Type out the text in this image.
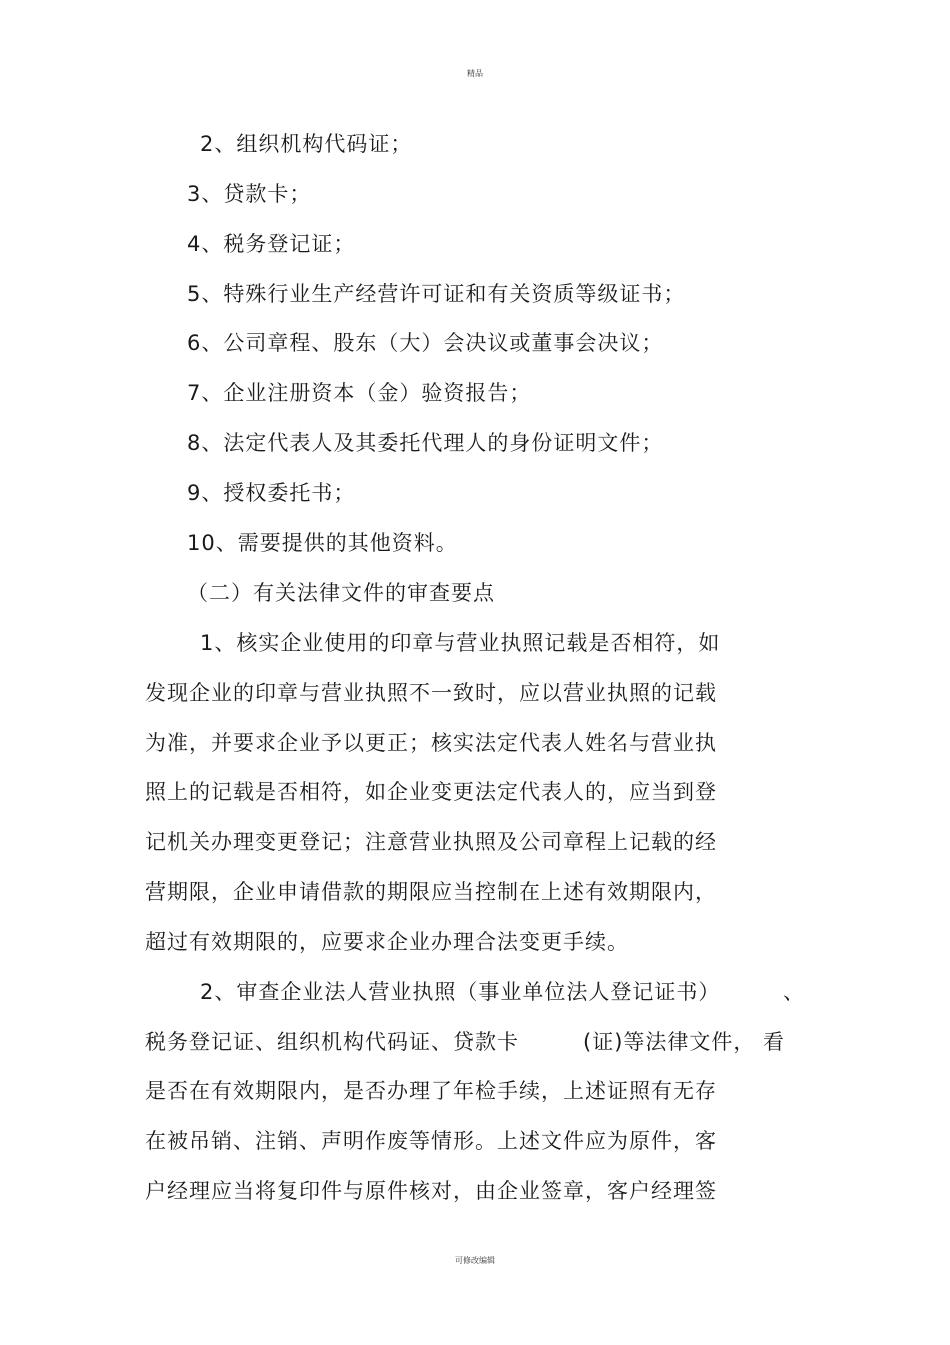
精品
2、组织机构代码证；
3、贷款卡；
4、税务登记证；
5、特殊行业生产经营许可证和有关资质等级证书；
6、公司章程、股东（大）会决议或董事会决议；
7、企业注册资本（金）验资报告；
8、法定代表人及其委托代理人的身份证明文件；
9、授权委托书；
10、需要提供的其他资料。
（二）有关法律文件的审查要点
1、核实企业使用的印章与营业执照记载是否相符，如
发现企业的印章与营业执照不一致时，应以营业执照的记载
为准，并要求企业予以更正；核实法定代表人姓名与营业执
照上的记载是否相符，如企业变更法定代表人的，应当到登
记机关办理变更登记；注意营业执照及公司章程上记载的经
营期限，企业申请借款的期限应当控制在上述有效期限内，
超过有效期限的，应要求企业办理合法变更手续。
2、审查企业法人营业执照（事业单位法人登记证书）	、
税务登记证、组织机构代码证、贷款卡	(证)等法律文件， 看
是否在有效期限内，是否办理了年检手续，上述证照有无存
在被吊销、注销、声明作废等情形。上述文件应为原件，客
户经理应当将复印件与原件核对，由企业签章，客户经理签
可修改编辑
